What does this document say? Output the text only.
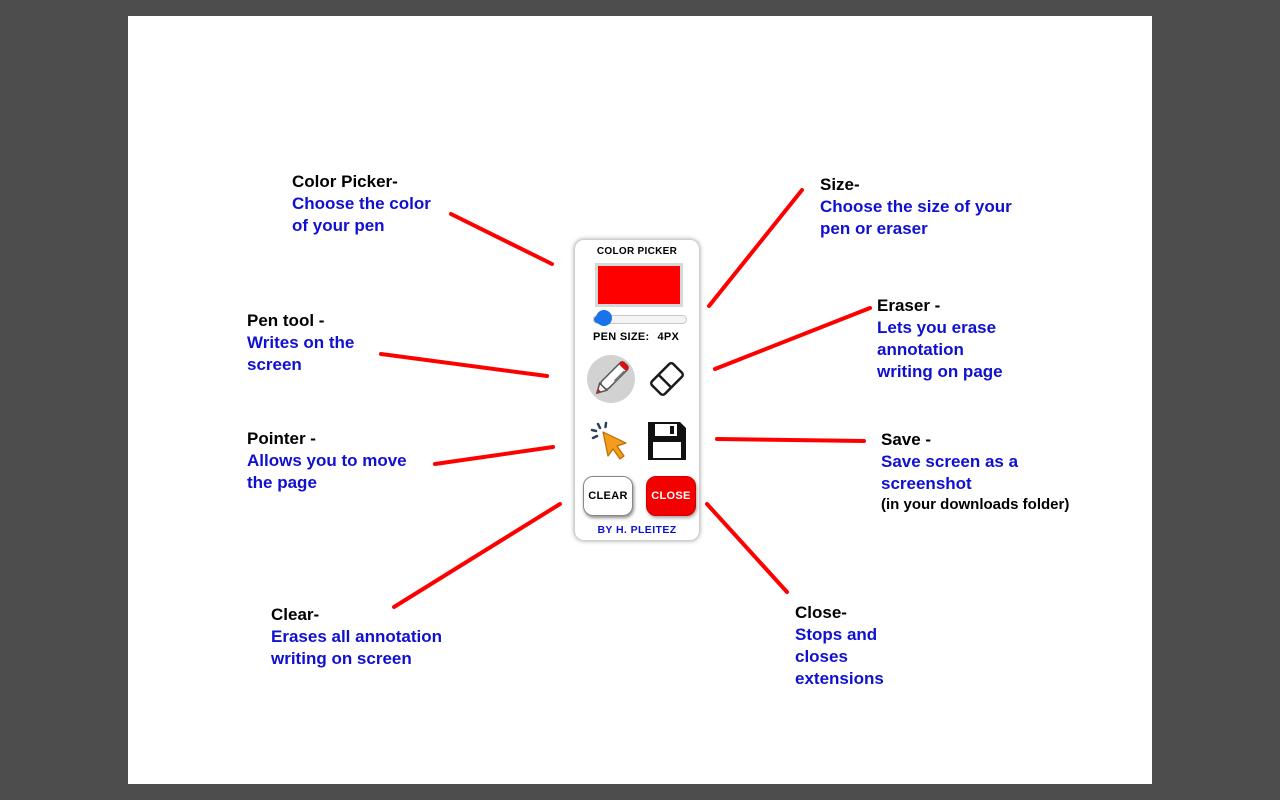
Color Picker-
Choose the color
of your pen
Size-
Choose the size of your
pen or eraser
Pen tool -
Writes on the
screen
Eraser -
Lets you erase
annotation
writing on page
Pointer -
Allows you to move
the page
Save -
Save screen as a
screenshot
(in your downloads folder)
Clear-
Erases all annotation
writing on screen
Close-
Stops and
closes
extensions
COLOR PICKER
PEN SIZE: 4PX
CLEAR	CLOSE
BY H. PLEITEZ
